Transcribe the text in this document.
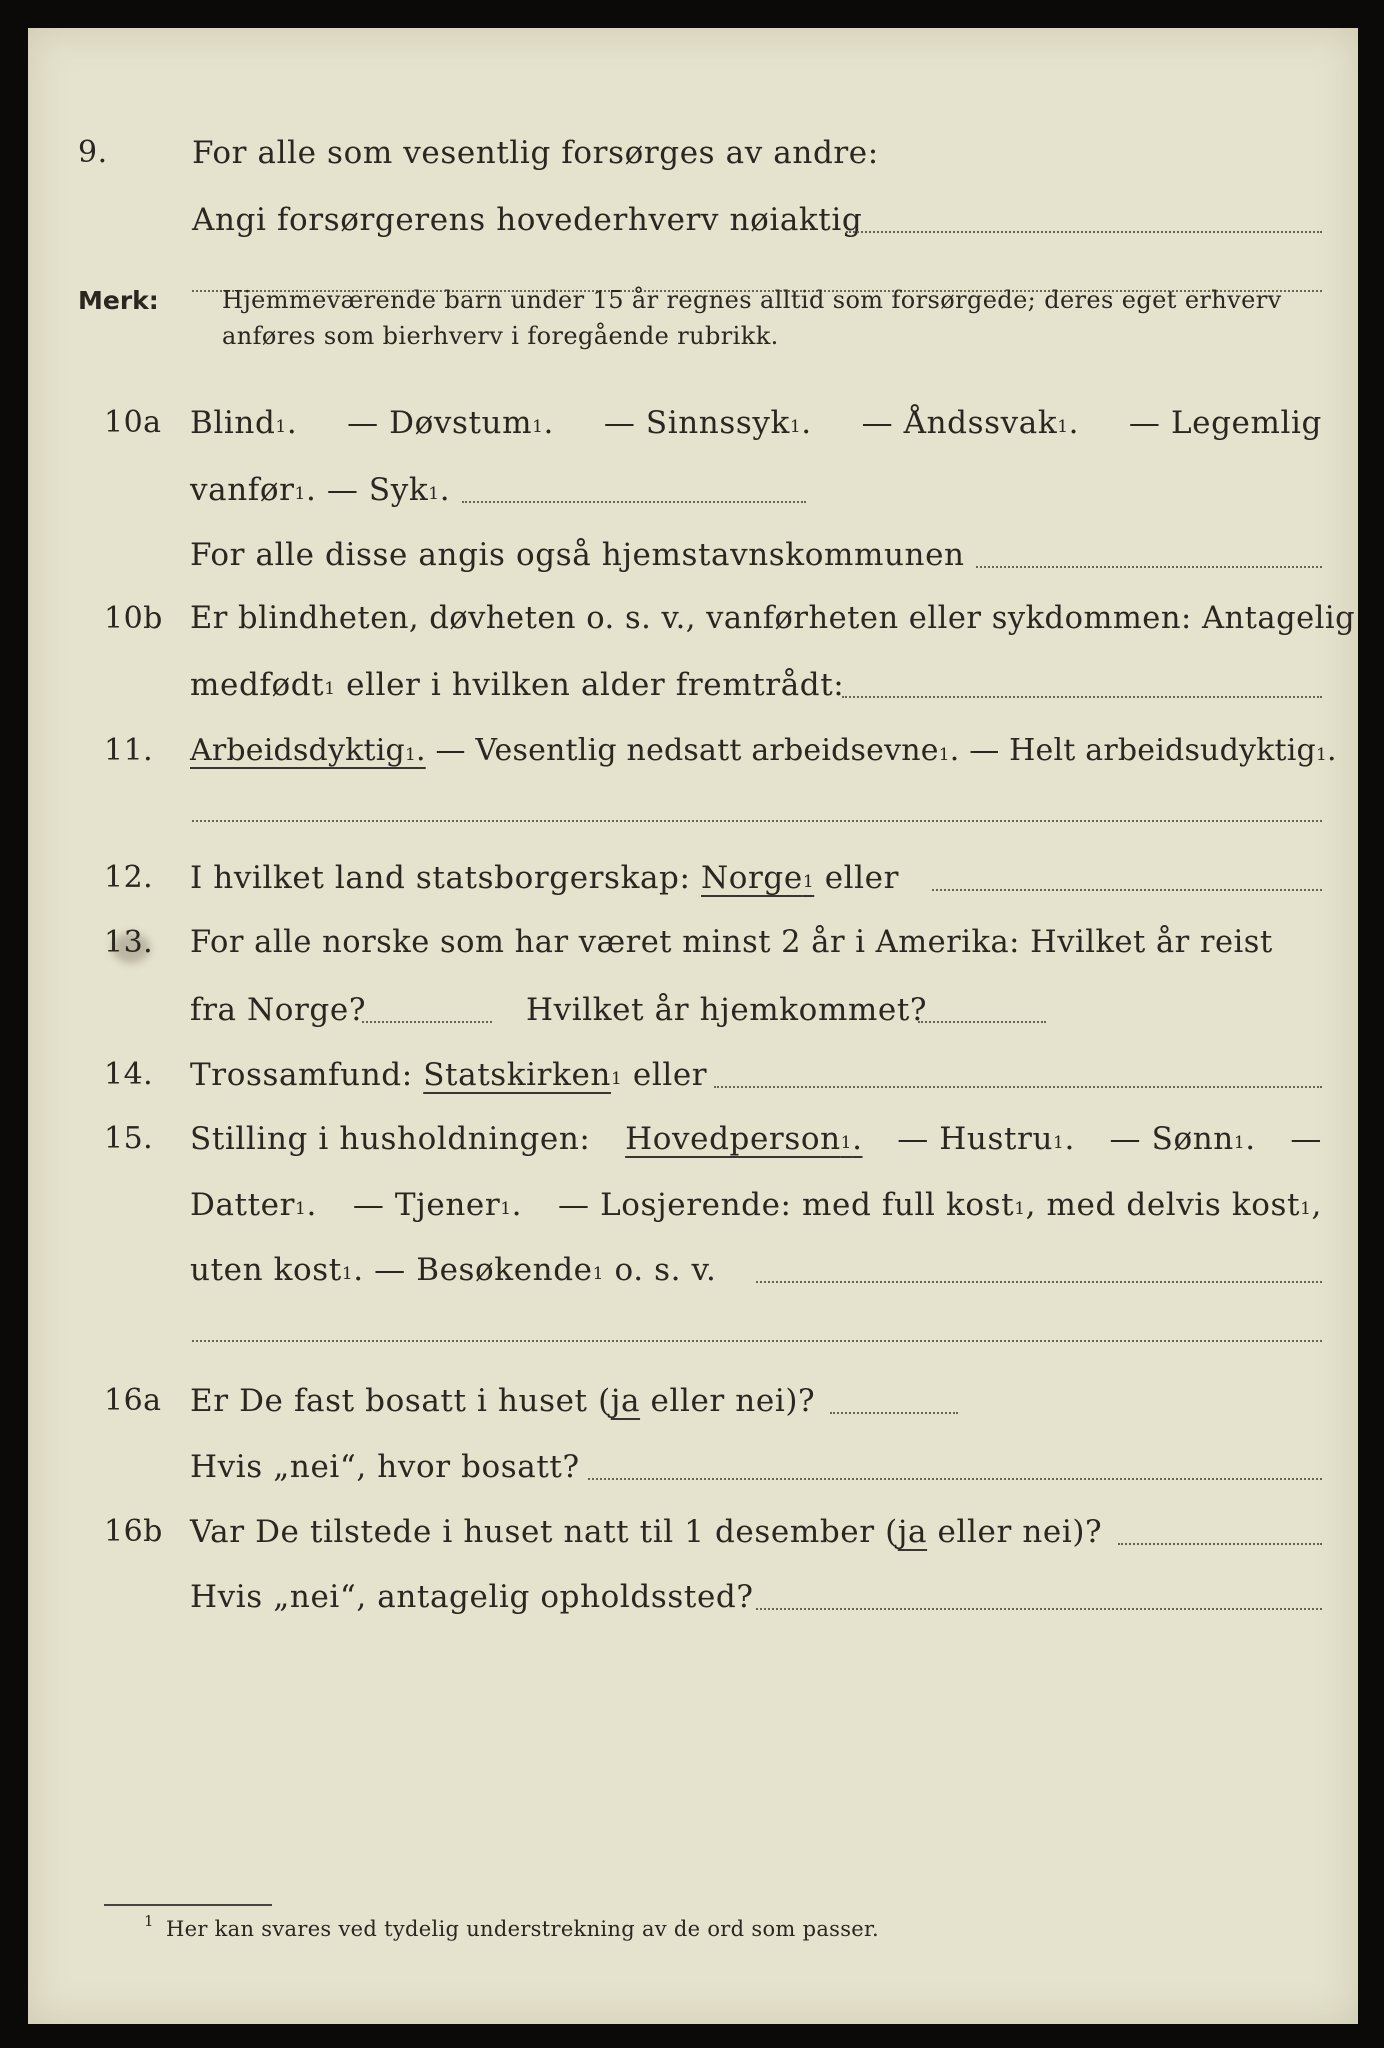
9.	For alle som vesentlig forsørges av andre:
Angi forsørgerens hovederhverv nøiaktig
Merk:	Hjemmeværende barn under 15 år regnes alltid som forsørgede; deres eget erhverv
anføres som bierhverv i foregående rubrikk.
10a Blind$^1$. — Døvstum$^1$. — Sinnssyk$^1$. — Åndssvak$^1$. — Legemlig
vanfør$^1$. — Syk$^1$.
For alle disse angis også hjemstavnskommunen
10b Er blindheten, døvheten o. s. v., vanførheten eller sykdommen: Antagelig
medfødt$^1$ eller i hvilken alder fremtrådt:
11. Arbeidsdyktig$^1$. — Vesentlig nedsatt arbeidsevne$^1$. — Helt arbeidsudyktig$^1$.
12. I hvilket land statsborgerskap: Norge$^1$ eller
13. For alle norske som har været minst 2 år i Amerika: Hvilket år reist
fra Norge?	Hvilket år hjemkommet?
14. Trossamfund: Statskirken$^1$ eller
15. Stilling i husholdningen: Hovedperson$^1$. — Hustru$^1$. — Sønn$^1$. —
Datter$^1$. — Tjener$^1$. — Losjerende: med full kost$^1$, med delvis kost$^1$,
uten kost$^1$. — Besøkende$^1$ o. s. v.
16a Er De fast bosatt i huset (ja eller nei)?
Hvis „nei“, hvor bosatt?
16b Var De tilstede i huset natt til 1 desember (ja eller nei)?
Hvis „nei“, antagelig opholdssted?
1 Her kan svares ved tydelig understrekning av de ord som passer.
